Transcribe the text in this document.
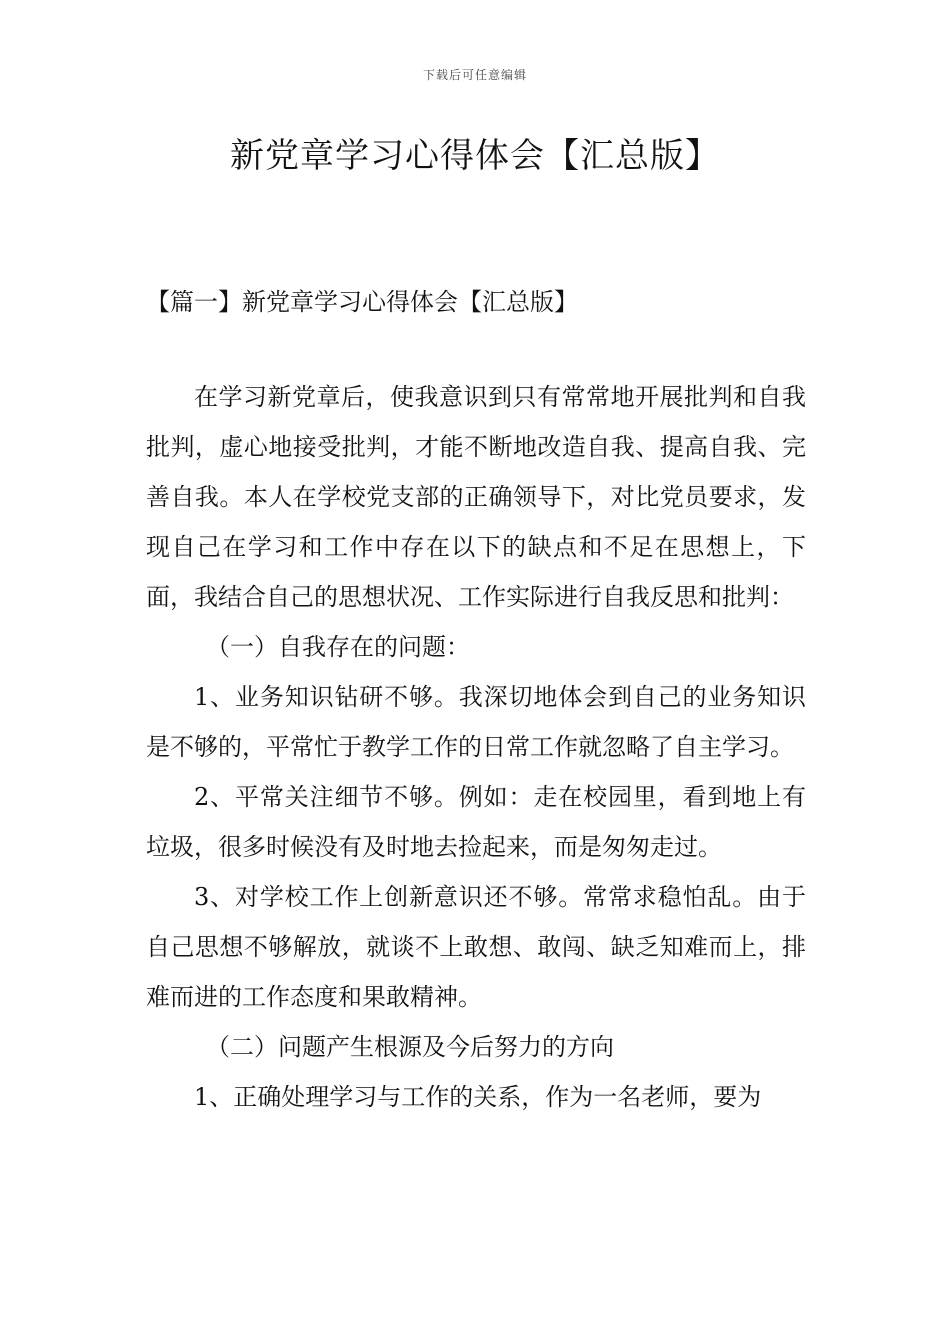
下载后可任意编辑
新党章学习心得体会【汇总版】
【篇一】新党章学习心得体会【汇总版】

在学习新党章后，使我意识到只有常常地开展批判和自我批判，虚心地接受批判，才能不断地改造自我、提高自我、完善自我。本人在学校党支部的正确领导下，对比党员要求，发现自己在学习和工作中存在以下的缺点和不足在思想上，下面，我结合自己的思想状况、工作实际进行自我反思和批判：

（一）自我存在的问题：

1、业务知识钻研不够。我深切地体会到自己的业务知识是不够的，平常忙于教学工作的日常工作就忽略了自主学习。

2、平常关注细节不够。例如：走在校园里，看到地上有垃圾，很多时候没有及时地去捡起来，而是匆匆走过。

3、对学校工作上创新意识还不够。常常求稳怕乱。由于自己思想不够解放，就谈不上敢想、敢闯、缺乏知难而上，排难而进的工作态度和果敢精神。

（二）问题产生根源及今后努力的方向

1、正确处理学习与工作的关系，作为一名老师，要为
